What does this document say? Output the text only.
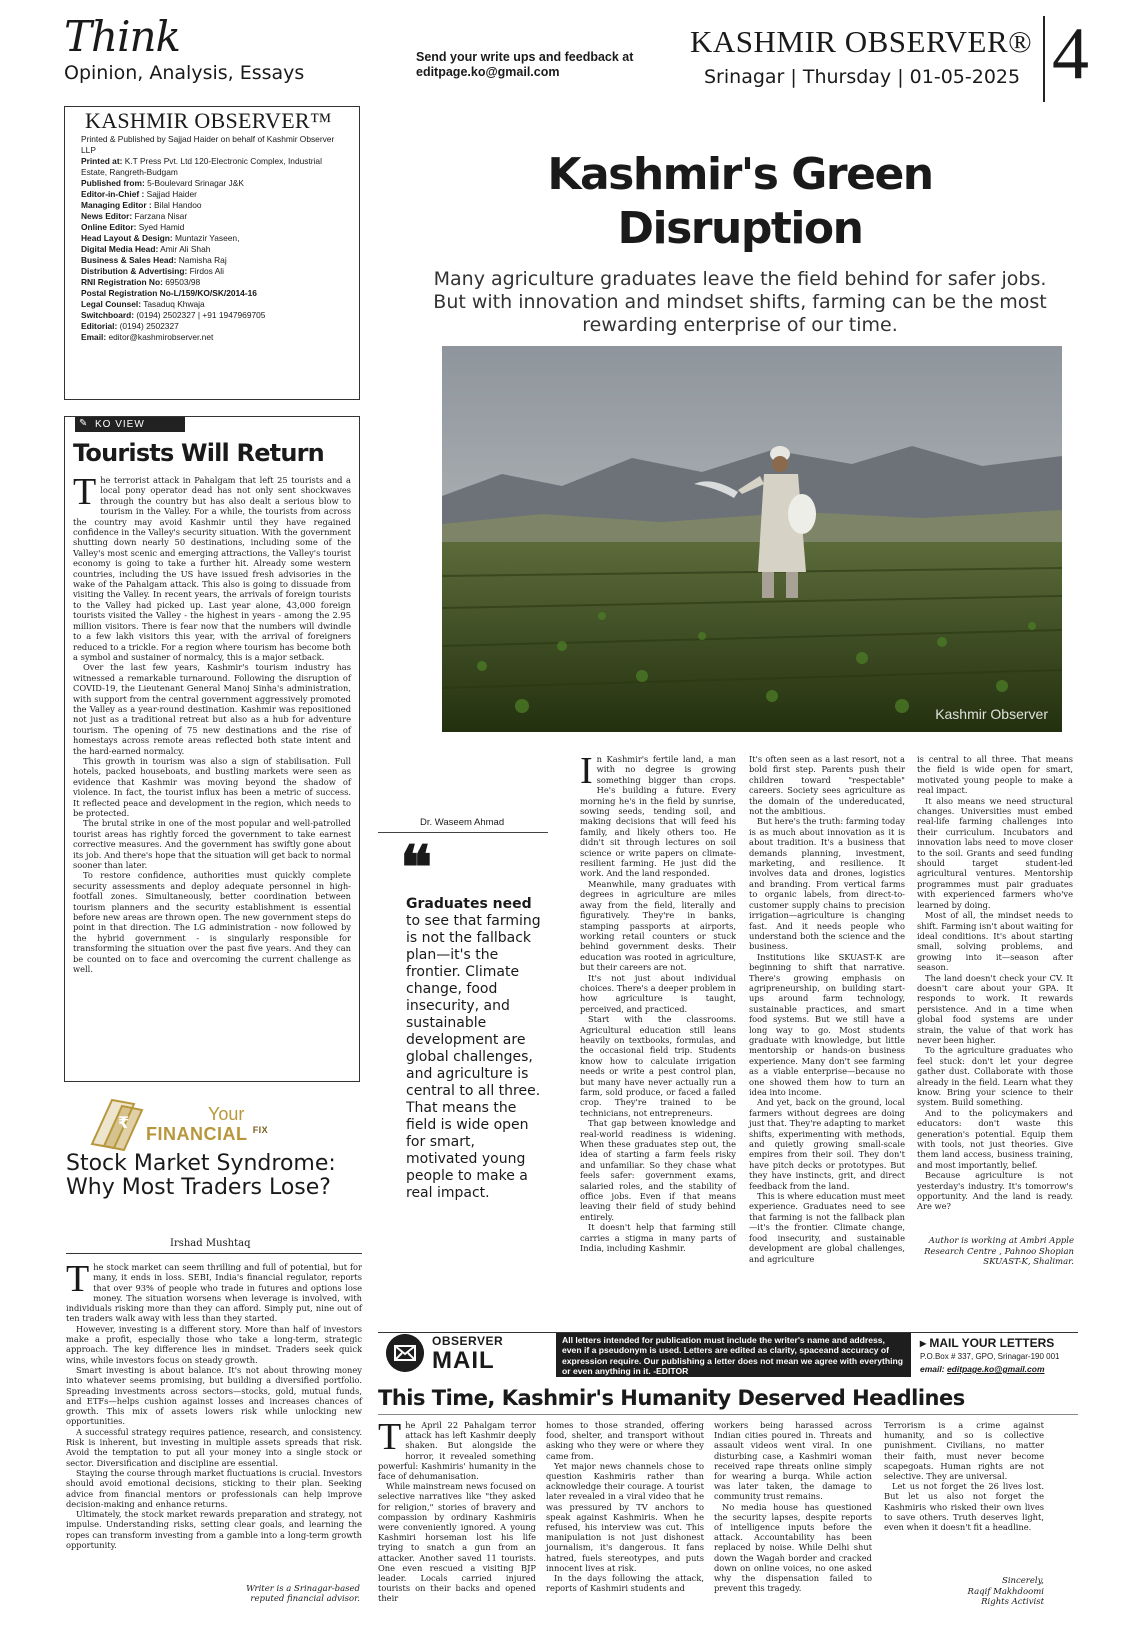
Think
Opinion, Analysis, Essays
Send your write ups and feedback at
editpage.ko@gmail.com
KASHMIR OBSERVER®
Srinagar | Thursday | 01-05-2025 4
KASHMIR OBSERVER™
Printed & Published by Sajjad Haider on behalf of Kashmir Observer LLP
Printed at: K.T Press Pvt. Ltd 120-Electronic Complex, Industrial Estate, Rangreth-Budgam
Published from: 5-Boulevard Srinagar J&K
Editor-in-Chief : Sajjad Haider
Managing Editor : Bilal Handoo
News Editor: Farzana Nisar
Online Editor: Syed Hamid
Head Layout & Design: Muntazir Yaseen,
Digital Media Head: Amir Ali Shah
Business & Sales Head: Namisha Raj
Distribution & Advertising: Firdos Ali
RNI Registration No: 69503/98
Postal Registration No-L/159/KO/SK/2014-16
Legal Counsel: Tasaduq Khwaja
Switchboard: (0194) 2502327 | +91 1947969705
Editorial: (0194) 2502327
Email: editor@kashmirobserver.net
KO VIEW
✎
Tourists Will Return

The terrorist attack in Pahalgam that left 25 tourists and a local pony operator dead has not only sent shockwaves through the country but has also dealt a serious blow to tourism in the Valley. For a while, the tourists from across the country may avoid Kashmir until they have regained confidence in the Valley's security situation. With the government shutting down nearly 50 destinations, including some of the Valley's most scenic and emerging attractions, the Valley's tourist economy is going to take a further hit. Already some western countries, including the US have issued fresh advisories in the wake of the Pahalgam attack. This also is going to dissuade from visiting the Valley. In recent years, the arrivals of foreign tourists to the Valley had picked up. Last year alone, 43,000 foreign tourists visited the Valley - the highest in years - among the 2.95 million visitors. There is fear now that the numbers will dwindle to a few lakh visitors this year, with the arrival of foreigners reduced to a trickle. For a region where tourism has become both a symbol and sustainer of normalcy, this is a major setback.

Over the last few years, Kashmir's tourism industry has witnessed a remarkable turnaround. Following the disruption of COVID-19, the Lieutenant General Manoj Sinha's administration, with support from the central government aggressively promoted the Valley as a year-round destination. Kashmir was repositioned not just as a traditional retreat but also as a hub for adventure tourism. The opening of 75 new destinations and the rise of homestays across remote areas reflected both state intent and the hard-earned normalcy.

This growth in tourism was also a sign of stabilisation. Full hotels, packed houseboats, and bustling markets were seen as evidence that Kashmir was moving beyond the shadow of violence. In fact, the tourist influx has been a metric of success. It reflected peace and development in the region, which needs to be protected.

The brutal strike in one of the most popular and well-patrolled tourist areas has rightly forced the government to take earnest corrective measures. And the government has swiftly gone about its job. And there's hope that the situation will get back to normal sooner than later.

To restore confidence, authorities must quickly complete security assessments and deploy adequate personnel in high-footfall zones. Simultaneously, better coordination between tourism planners and the security establishment is essential before new areas are thrown open. The new government steps do point in that direction. The LG administration - now followed by the hybrid government - is singularly responsible for transforming the situation over the past five years. And they can be counted on to face and overcoming the current challenge as well.

₹	Your
FINANCIAL $^{FIX}$
Stock Market Syndrome: Why Most Traders Lose?
Irshad Mushtaq

The stock market can seem thrilling and full of potential, but for many, it ends in loss. SEBI, India's financial regulator, reports that over 93% of people who trade in futures and options lose money. The situation worsens when leverage is involved, with individuals risking more than they can afford. Simply put, nine out of ten traders walk away with less than they started.

However, investing is a different story. More than half of investors make a profit, especially those who take a long-term, strategic approach. The key difference lies in mindset. Traders seek quick wins, while investors focus on steady growth.

Smart investing is about balance. It's not about throwing money into whatever seems promising, but building a diversified portfolio. Spreading investments across sectors—stocks, gold, mutual funds, and ETFs—helps cushion against losses and increases chances of growth. This mix of assets lowers risk while unlocking new opportunities.

A successful strategy requires patience, research, and consistency. Risk is inherent, but investing in multiple assets spreads that risk. Avoid the temptation to put all your money into a single stock or sector. Diversification and discipline are essential.

Staying the course through market fluctuations is crucial. Investors should avoid emotional decisions, sticking to their plan. Seeking advice from financial mentors or professionals can help improve decision-making and enhance returns.

Ultimately, the stock market rewards preparation and strategy, not impulse. Understanding risks, setting clear goals, and learning the ropes can transform investing from a gamble into a long-term growth opportunity.

Writer is a Srinagar-based
reputed financial advisor.
Kashmir's Green
Disruption
Many agriculture graduates leave the field behind for safer jobs. But with innovation and mindset shifts, farming can be the most rewarding enterprise of our time.
Kashmir Observer
Dr. Waseem Ahmad
❝
Graduates need to see that farming is not the fallback plan—it's the frontier. Climate change, food insecurity, and sustainable development are global challenges, and agriculture is central to all three. That means the field is wide open for smart, motivated young people to make a real impact.

In Kashmir's fertile land, a man with no degree is growing something bigger than crops. He's building a future. Every morning he's in the field by sunrise, sowing seeds, tending soil, and making decisions that will feed his family, and likely others too. He didn't sit through lectures on soil science or write papers on climate-resilient farming. He just did the work. And the land responded.

Meanwhile, many graduates with degrees in agriculture are miles away from the field, literally and figuratively. They're in banks, stamping passports at airports, working retail counters or stuck behind government desks. Their education was rooted in agriculture, but their careers are not.

It's not just about individual choices. There's a deeper problem in how agriculture is taught, perceived, and practiced.

Start with the classrooms. Agricultural education still leans heavily on textbooks, formulas, and the occasional field trip. Students know how to calculate irrigation needs or write a pest control plan, but many have never actually run a farm, sold produce, or faced a failed crop. They're trained to be technicians, not entrepreneurs.

That gap between knowledge and real-world readiness is widening. When these graduates step out, the idea of starting a farm feels risky and unfamiliar. So they chase what feels safer: government exams, salaried roles, and the stability of office jobs. Even if that means leaving their field of study behind entirely.

It doesn't help that farming still carries a stigma in many parts of India, including Kashmir.

It's often seen as a last resort, not a bold first step. Parents push their children toward "respectable" careers. Society sees agriculture as the domain of the undereducated, not the ambitious.

But here's the truth: farming today is as much about innovation as it is about tradition. It's a business that demands planning, investment, marketing, and resilience. It involves data and drones, logistics and branding. From vertical farms to organic labels, from direct-to-customer supply chains to precision irrigation—agriculture is changing fast. And it needs people who understand both the science and the business.

Institutions like SKUAST-K are beginning to shift that narrative. There's growing emphasis on agripreneurship, on building start-ups around farm technology, sustainable practices, and smart food systems. But we still have a long way to go. Most students graduate with knowledge, but little mentorship or hands-on business experience. Many don't see farming as a viable enterprise—because no one showed them how to turn an idea into income.

And yet, back on the ground, local farmers without degrees are doing just that. They're adapting to market shifts, experimenting with methods, and quietly growing small-scale empires from their soil. They don't have pitch decks or prototypes. But they have instincts, grit, and direct feedback from the land.

This is where education must meet experience. Graduates need to see that farming is not the fallback plan—it's the frontier. Climate change, food insecurity, and sustainable development are global challenges, and agriculture

is central to all three. That means the field is wide open for smart, motivated young people to make a real impact.

It also means we need structural changes. Universities must embed real-life farming challenges into their curriculum. Incubators and innovation labs need to move closer to the soil. Grants and seed funding should target student-led agricultural ventures. Mentorship programmes must pair graduates with experienced farmers who've learned by doing.

Most of all, the mindset needs to shift. Farming isn't about waiting for ideal conditions. It's about starting small, solving problems, and growing into it—season after season.

The land doesn't check your CV. It doesn't care about your GPA. It responds to work. It rewards persistence. And in a time when global food systems are under strain, the value of that work has never been higher.

To the agriculture graduates who feel stuck: don't let your degree gather dust. Collaborate with those already in the field. Learn what they know. Bring your science to their system. Build something.

And to the policymakers and educators: don't waste this generation's potential. Equip them with tools, not just theories. Give them land access, business training, and most importantly, belief.

Because agriculture is not yesterday's industry. It's tomorrow's opportunity. And the land is ready. Are we?

Author is working at Ambri Apple
Research Centre , Pahnoo Shopian
SKUAST-K, Shalimar.
OBSERVER
MAIL
All letters intended for publication must include the writer's name and address, even if a pseudonym is used. Letters are edited as clarity, spaceand accuracy of expression require. Our publishing a letter does not mean we agree with everything or even anything in it. -EDITOR
▸ MAIL YOUR LETTERS
P.O.Box # 337, GPO, Srinagar-190 001
email: editpage.ko@gmail.com
This Time, Kashmir's Humanity Deserved Headlines

The April 22 Pahalgam terror attack has left Kashmir deeply shaken. But alongside the horror, it revealed something powerful: Kashmiris' humanity in the face of dehumanisation.

While mainstream news focused on selective narratives like "they asked for religion," stories of bravery and compassion by ordinary Kashmiris were conveniently ignored. A young Kashmiri horseman lost his life trying to snatch a gun from an attacker. Another saved 11 tourists. One even rescued a visiting BJP leader. Locals carried injured tourists on their backs and opened their

homes to those stranded, offering food, shelter, and transport without asking who they were or where they came from.

Yet major news channels chose to question Kashmiris rather than acknowledge their courage. A tourist later revealed in a viral video that he was pressured by TV anchors to speak against Kashmiris. When he refused, his interview was cut. This manipulation is not just dishonest journalism, it's dangerous. It fans hatred, fuels stereotypes, and puts innocent lives at risk.

In the days following the attack, reports of Kashmiri students and

workers being harassed across Indian cities poured in. Threats and assault videos went viral. In one disturbing case, a Kashmiri woman received rape threats online simply for wearing a burqa. While action was later taken, the damage to community trust remains.

No media house has questioned the security lapses, despite reports of intelligence inputs before the attack. Accountability has been replaced by noise. While Delhi shut down the Wagah border and cracked down on online voices, no one asked why the dispensation failed to prevent this tragedy.

Terrorism is a crime against humanity, and so is collective punishment. Civilians, no matter their faith, must never become scapegoats. Human rights are not selective. They are universal.

Let us not forget the 26 lives lost. But let us also not forget the Kashmiris who risked their own lives to save others. Truth deserves light, even when it doesn't fit a headline.

Sincerely,
Raqif Makhdoomi
Rights Activist
